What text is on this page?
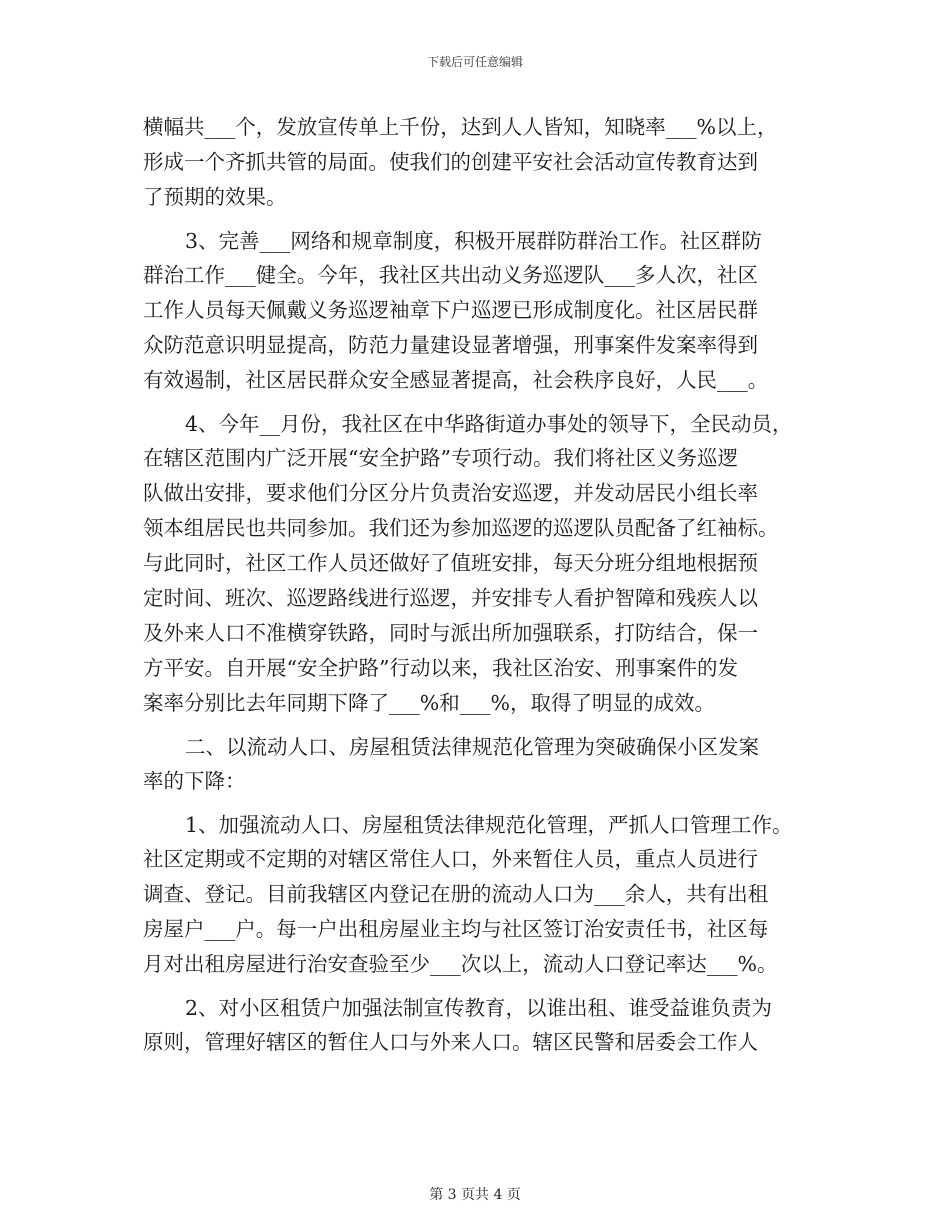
下载后可任意编辑
横幅共___个，发放宣传单上千份，达到人人皆知，知晓率___%以上，
形成一个齐抓共管的局面。使我们的创建平安社会活动宣传教育达到
了预期的效果。
3、完善___网络和规章制度，积极开展群防群治工作。社区群防
群治工作___健全。今年，我社区共出动义务巡逻队___多人次，社区
工作人员每天佩戴义务巡逻袖章下户巡逻已形成制度化。社区居民群
众防范意识明显提高，防范力量建设显著增强，刑事案件发案率得到
有效遏制，社区居民群众安全感显著提高，社会秩序良好，人民___。
4、今年__月份，我社区在中华路街道办事处的领导下，全民动员，
在辖区范围内广泛开展“安全护路”专项行动。我们将社区义务巡逻
队做出安排，要求他们分区分片负责治安巡逻，并发动居民小组长率
领本组居民也共同参加。我们还为参加巡逻的巡逻队员配备了红袖标。
与此同时，社区工作人员还做好了值班安排，每天分班分组地根据预
定时间、班次、巡逻路线进行巡逻，并安排专人看护智障和残疾人以
及外来人口不准横穿铁路，同时与派出所加强联系，打防结合，保一
方平安。自开展“安全护路”行动以来，我社区治安、刑事案件的发
案率分别比去年同期下降了___%和___%，取得了明显的成效。
二、以流动人口、房屋租赁法律规范化管理为突破确保小区发案
率的下降：
1、加强流动人口、房屋租赁法律规范化管理，严抓人口管理工作。
社区定期或不定期的对辖区常住人口，外来暂住人员，重点人员进行
调查、登记。目前我辖区内登记在册的流动人口为___余人，共有出租
房屋户___户。每一户出租房屋业主均与社区签订治安责任书，社区每
月对出租房屋进行治安查验至少___次以上，流动人口登记率达___%。
2、对小区租赁户加强法制宣传教育，以谁出租、谁受益谁负责为
原则，管理好辖区的暂住人口与外来人口。辖区民警和居委会工作人
第 3 页共 4 页
